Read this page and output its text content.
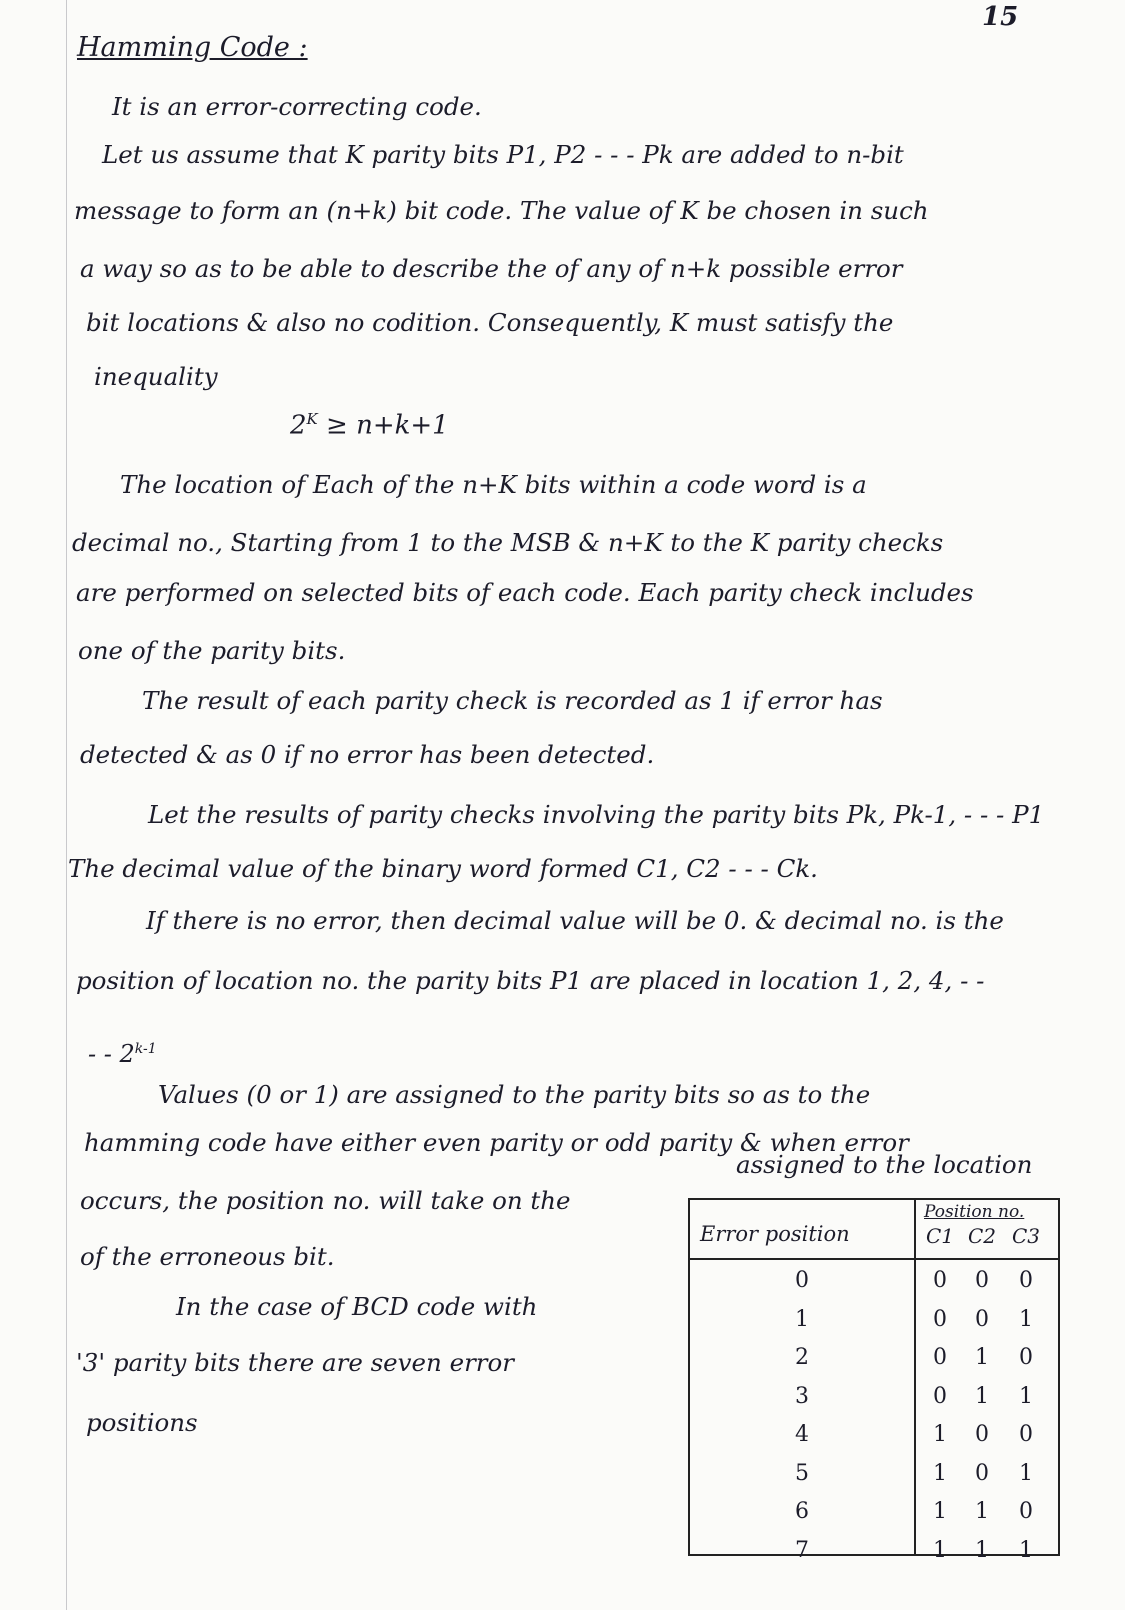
15
Hamming Code :
It is an error-correcting code.
Let us assume that K parity bits P1, P2 - - - Pk are added to n-bit
message to form an (n+k) bit code. The value of K be chosen in such
a way so as to be able to describe the of any of n+k possible error
bit locations & also no codition. Consequently, K must satisfy the
inequality
$2^K \ge n+k+1$
The location of Each of the n+K bits within a code word is a
decimal no., Starting from 1 to the MSB & n+K to the K parity checks
are performed on selected bits of each code. Each parity check includes
one of the parity bits.
The result of each parity check is recorded as 1 if error has
detected & as 0 if no error has been detected.
Let the results of parity checks involving the parity bits Pk, Pk-1, - - - P1
The decimal value of the binary word formed C1, C2 - - - Ck.
If there is no error, then decimal value will be 0. & decimal no. is the
position of location no. the parity bits P1 are placed in location 1, 2, 4, - -
- - 2$^{k-1}$
Values (0 or 1) are assigned to the parity bits so as to the
hamming code have either even parity or odd parity & when error
occurs, the position no. will take on the
assigned to the location
of the erroneous bit.
In the case of BCD code with
'3' parity bits there are seven error
positions
Error position
Position no.
C1 C2 C3
0	0	0	0
1	0	0	1
2	0	1	0
3	0	1	1
4	1	0	0
5	1	0	1
6	1	1	0
7	1	1	1
